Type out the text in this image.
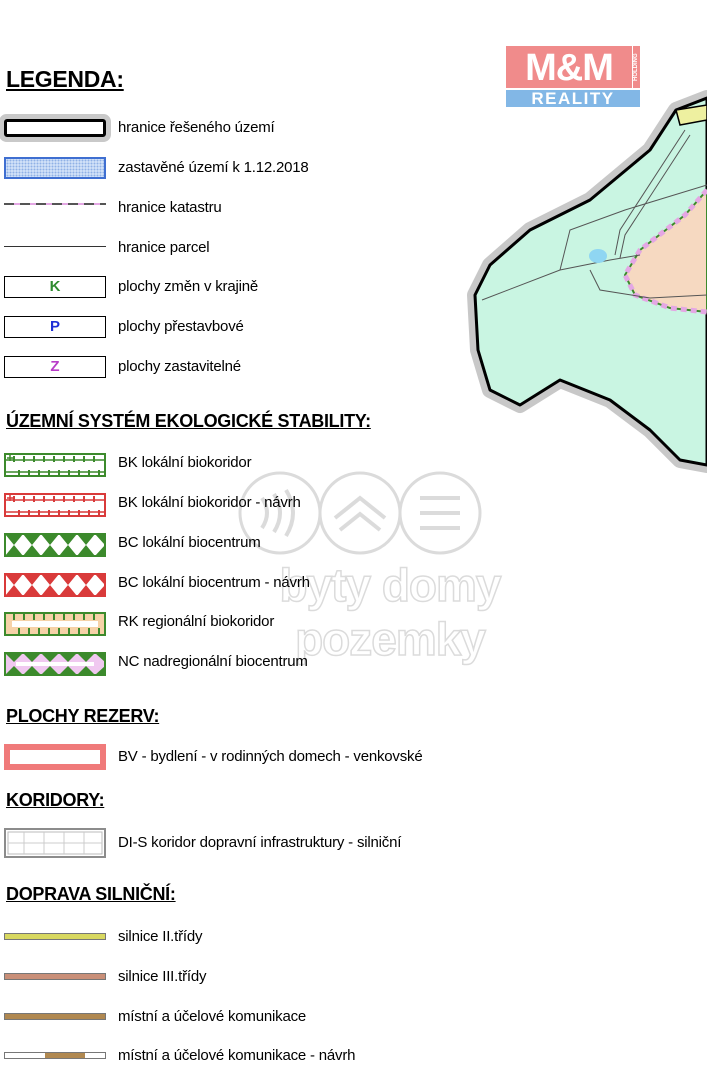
M&M	HOLDING
REALITY
byty domy pozemky
LEGENDA:
hranice řešeného území
zastavěné území k 1.12.2018
hranice katastru
hranice parcel
K	plochy změn v krajině
P	plochy přestavbové
Z	plochy zastavitelné
ÚZEMNÍ SYSTÉM EKOLOGICKÉ STABILITY:
BK lokální biokoridor
BK lokální biokoridor - návrh
BC lokální biocentrum
BC lokální biocentrum - návrh
RK regionální biokoridor
NC nadregionální biocentrum
PLOCHY REZERV:
BV - bydlení - v rodinných domech - venkovské
KORIDORY:
DI-S koridor dopravní infrastruktury - silniční
DOPRAVA SILNIČNÍ:
silnice II.třídy
silnice III.třídy
místní a účelové komunikace
místní a účelové komunikace - návrh
